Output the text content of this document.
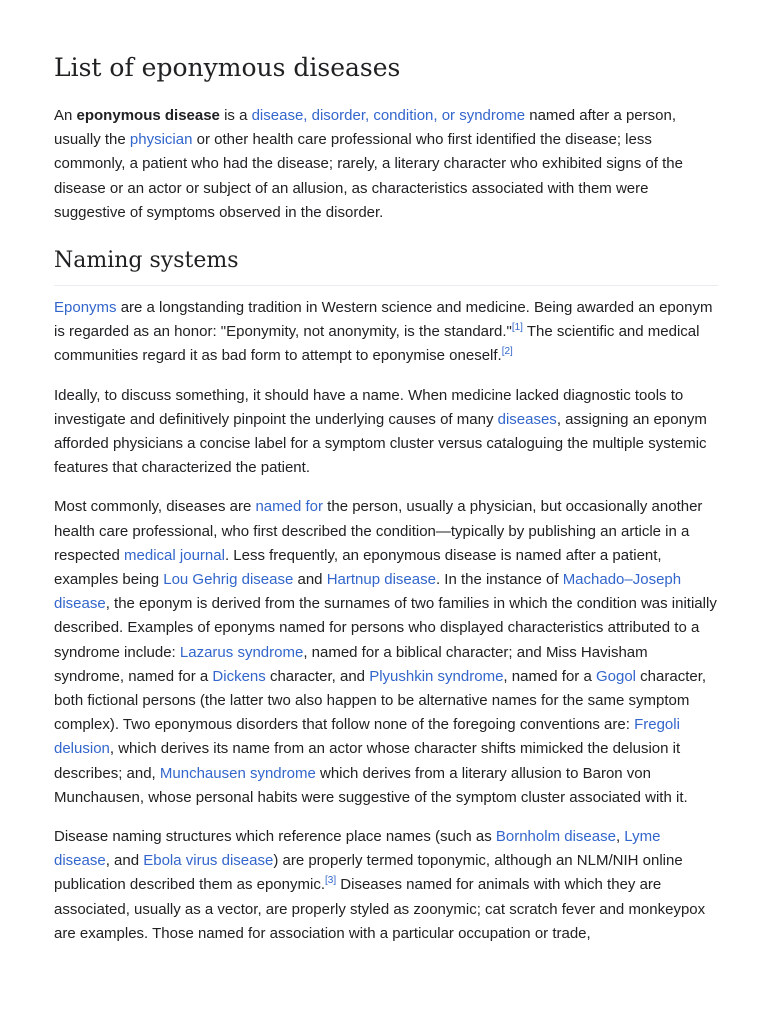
List of eponymous diseases

An eponymous disease is a disease, disorder, condition, or syndrome named after a person, usually the physician or other health care professional who first identified the disease; less commonly, a patient who had the disease; rarely, a literary character who exhibited signs of the disease or an actor or subject of an allusion, as characteristics associated with them were suggestive of symptoms observed in the disorder.

Naming systems

Eponyms are a longstanding tradition in Western science and medicine. Being awarded an eponym is regarded as an honor: "Eponymity, not anonymity, is the standard."[1] The scientific and medical communities regard it as bad form to attempt to eponymise oneself.[2]

Ideally, to discuss something, it should have a name. When medicine lacked diagnostic tools to investigate and definitively pinpoint the underlying causes of many diseases, assigning an eponym afforded physicians a concise label for a symptom cluster versus cataloguing the multiple systemic features that characterized the patient.

Most commonly, diseases are named for the person, usually a physician, but occasionally another health care professional, who first described the condition—typically by publishing an article in a respected medical journal. Less frequently, an eponymous disease is named after a patient, examples being Lou Gehrig disease and Hartnup disease. In the instance of Machado–Joseph disease, the eponym is derived from the surnames of two families in which the condition was initially described. Examples of eponyms named for persons who displayed characteristics attributed to a syndrome include: Lazarus syndrome, named for a biblical character; and Miss Havisham syndrome, named for a Dickens character, and Plyushkin syndrome, named for a Gogol character, both fictional persons (the latter two also happen to be alternative names for the same symptom complex). Two eponymous disorders that follow none of the foregoing conventions are: Fregoli delusion, which derives its name from an actor whose character shifts mimicked the delusion it describes; and, Munchausen syndrome which derives from a literary allusion to Baron von Munchausen, whose personal habits were suggestive of the symptom cluster associated with it.

Disease naming structures which reference place names (such as Bornholm disease, Lyme disease, and Ebola virus disease) are properly termed toponymic, although an NLM/NIH online publication described them as eponymic.[3] Diseases named for animals with which they are associated, usually as a vector, are properly styled as zoonymic; cat scratch fever and monkeypox are examples. Those named for association with a particular occupation or trade,
